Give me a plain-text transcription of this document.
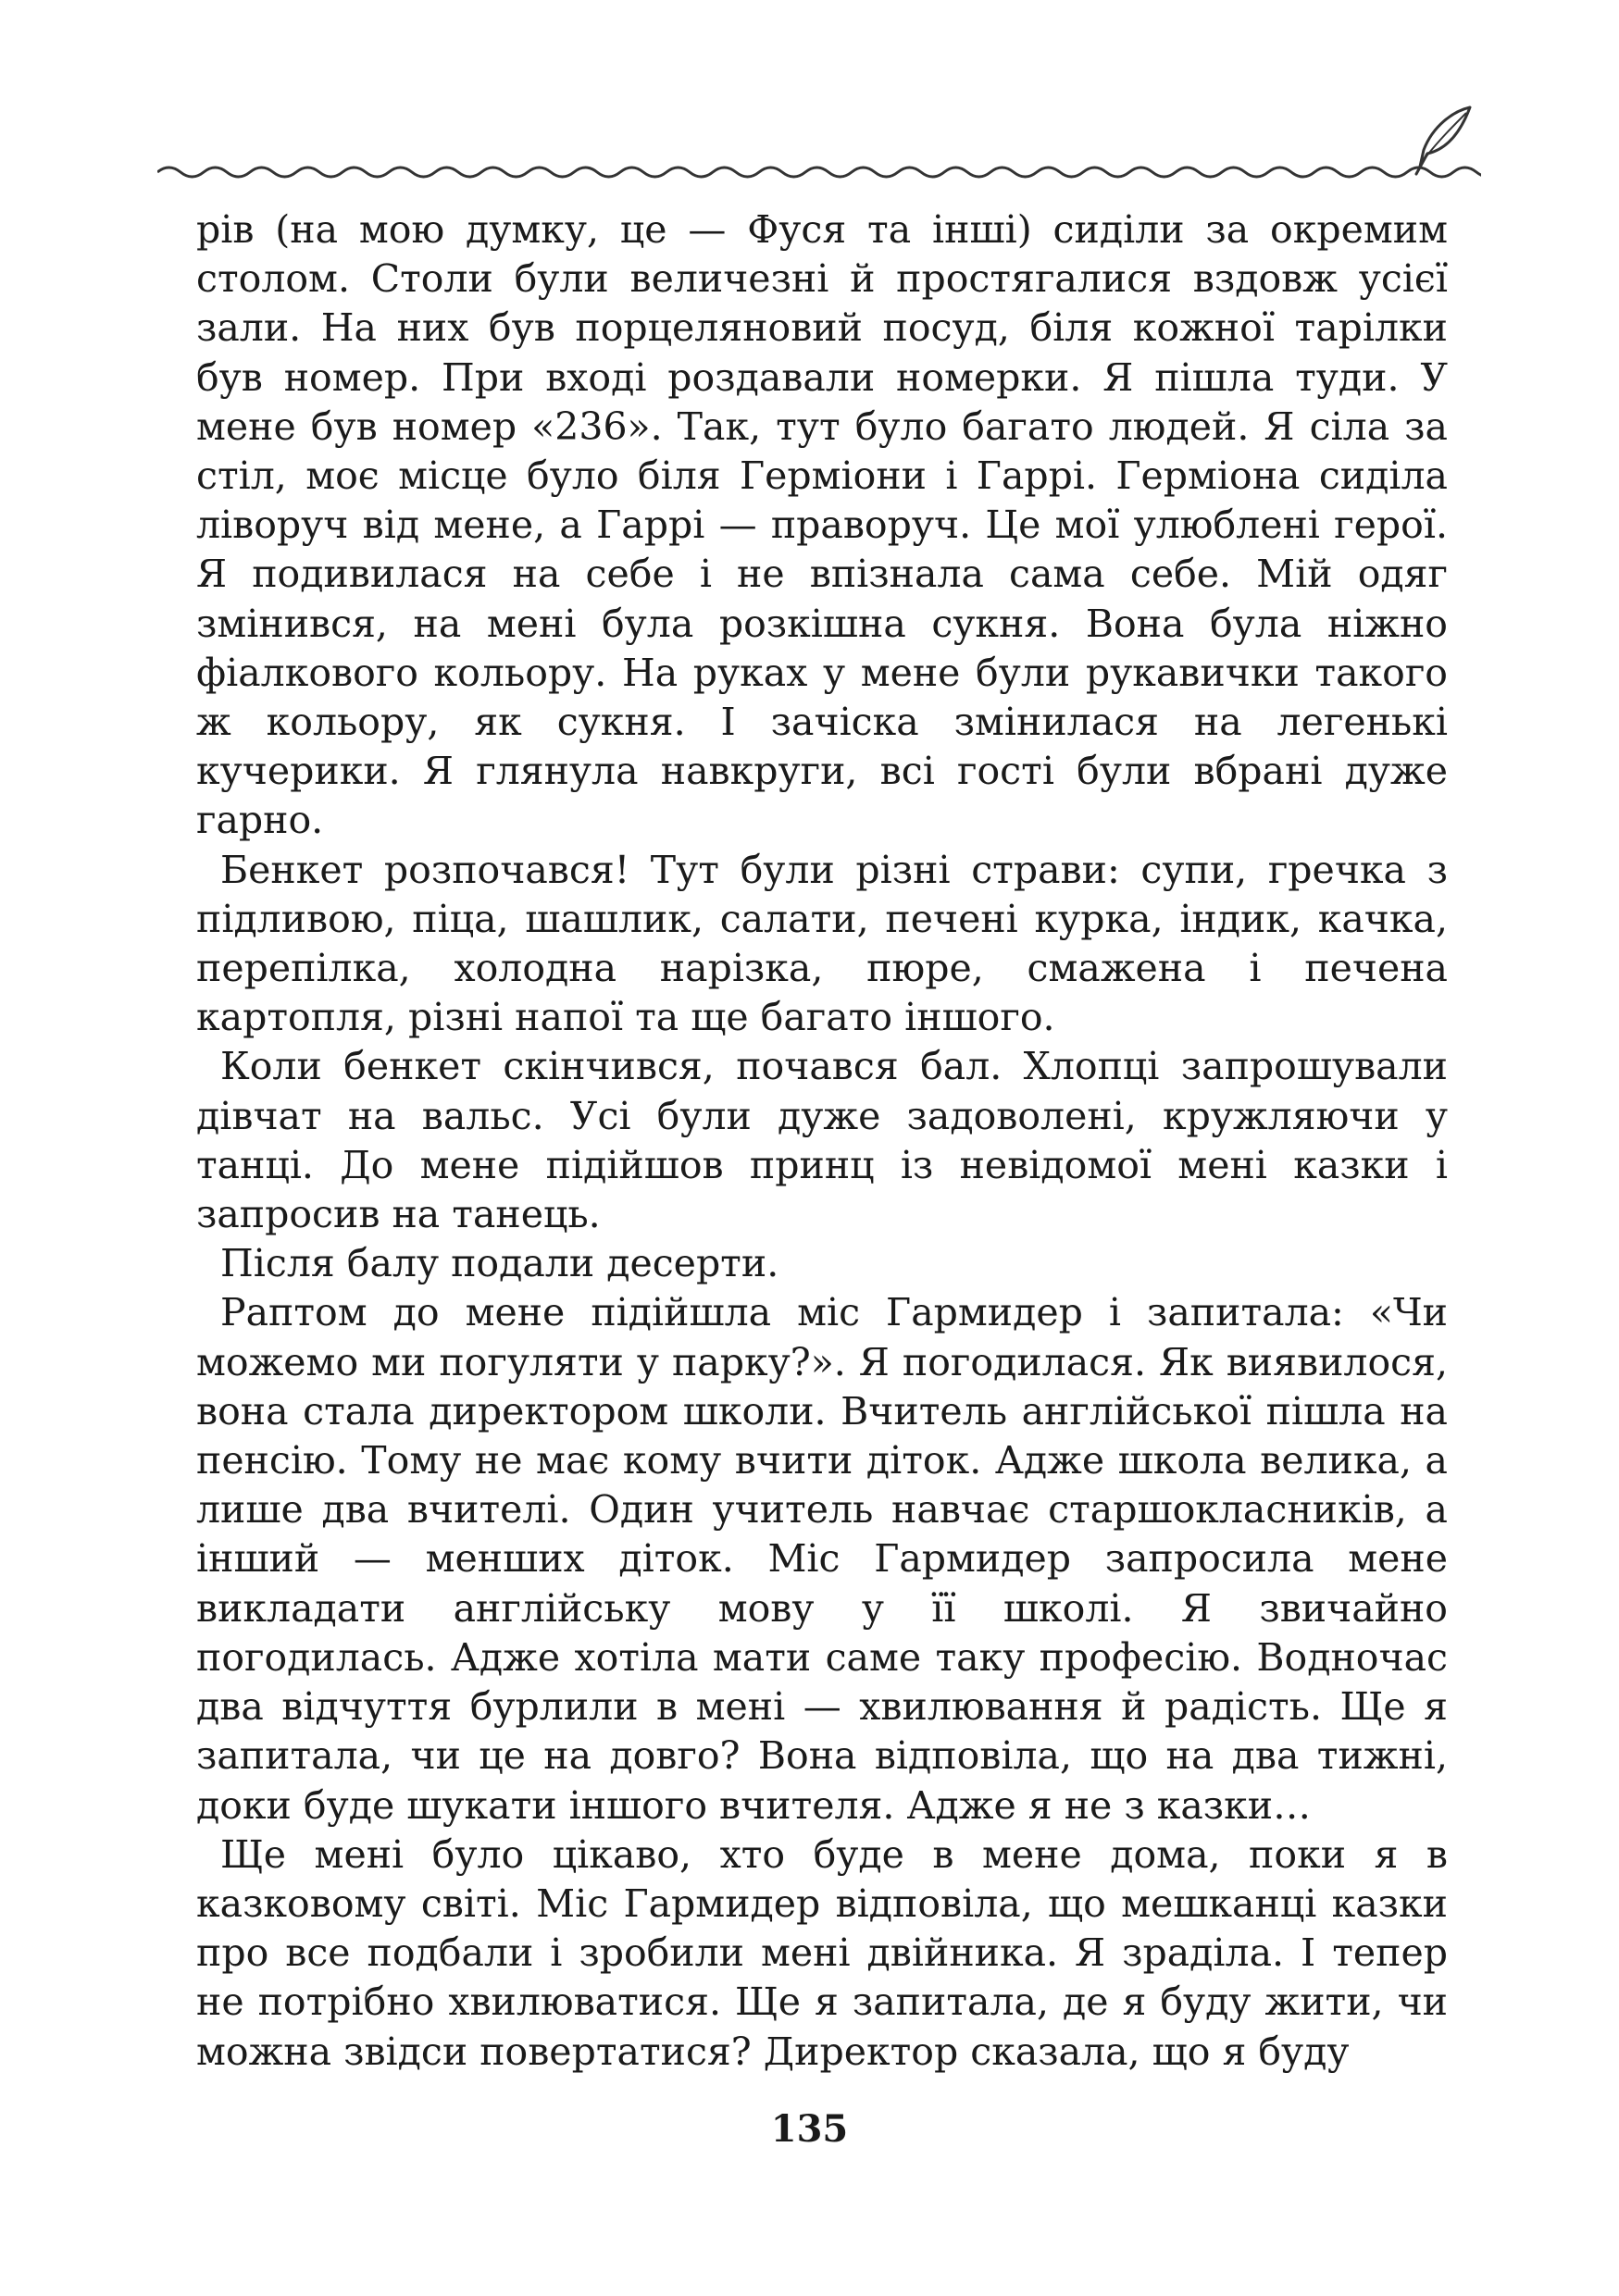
рів (на мою думку, це — Фуся та інші) сиділи за окремим столом. Столи були величезні й простягалися вздовж усієї зали. На них був порцеляновий посуд, біля кожної тарілки був номер. При вході роздавали номерки. Я пішла туди. У мене був номер «236». Так, тут було багато людей. Я сіла за стіл, моє місце було біля Герміони і Гаррі. Герміона сиділа ліворуч від мене, а Гаррі — праворуч. Це мої улюблені герої. Я подивилася на себе і не впізнала сама себе. Мій одяг змінився, на мені була розкішна сукня. Вона була ніжно фіалкового кольору. На руках у мене були рукавички такого ж кольору, як сукня. І зачіска змінилася на легенькі кучерики. Я глянула навкруги, всі гості були вбрані дуже гарно.

Бенкет розпочався! Тут були різні страви: супи, гречка з підливою, піца, шашлик, салати, печені курка, індик, качка, перепілка, холодна нарізка, пюре, смажена і печена картопля, різні напої та ще багато іншого.

Коли бенкет скінчився, почався бал. Хлопці запрошували дівчат на вальс. Усі були дуже задоволені, кружляючи у танці. До мене підійшов принц із невідомої мені казки і запросив на танець.

Після балу подали десерти.

Раптом до мене підійшла міс Гармидер і запитала: «Чи можемо ми погуляти у парку?». Я погодилася. Як виявилося, вона стала директором школи. Вчитель англійської пішла на пенсію. Тому не має кому вчити діток. Адже школа велика, а лише два вчителі. Один учитель навчає старшокласників, а інший — менших діток. Міс Гармидер запросила мене викладати англійську мову у її школі. Я звичайно погодилась. Адже хотіла мати саме таку професію. Водночас два відчуття бурлили в мені — хвилювання й радість. Ще я запитала, чи це на довго? Вона відповіла, що на два тижні, доки буде шукати іншого вчителя. Адже я не з казки…

Ще мені було цікаво, хто буде в мене дома, поки я в казковому світі. Міс Гармидер відповіла, що мешканці казки про все подбали і зробили мені двійника. Я зраділа. І тепер не потрібно хвилюватися. Ще я запитала, де я буду жити, чи можна звідси повертатися? Директор сказала, що я буду

135
